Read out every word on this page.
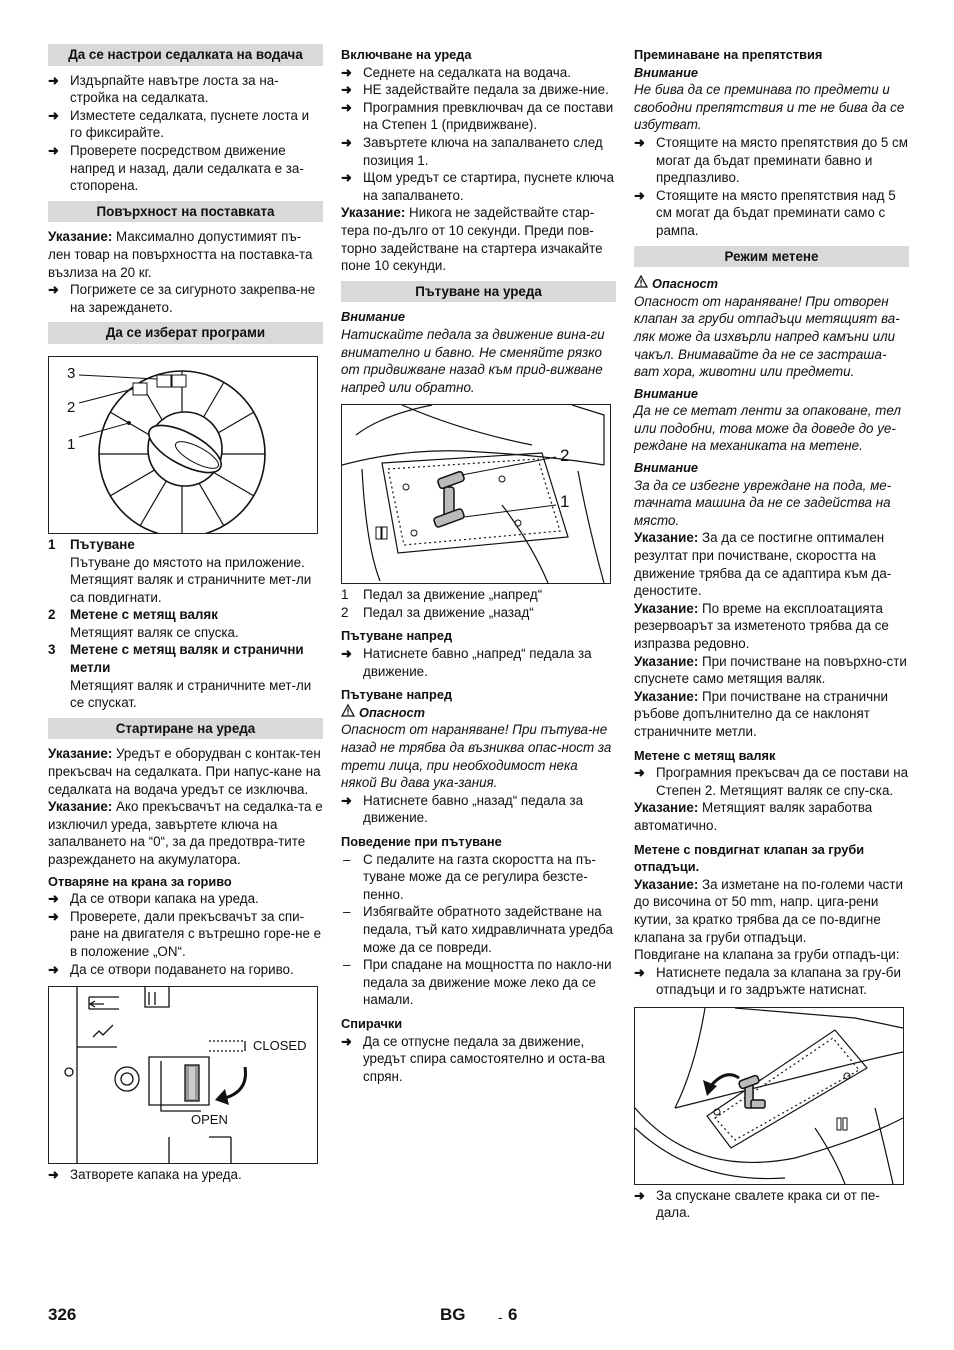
Да се настрои седалката на водача
➜ Издърпайте навътре лоста за на-стройка на седалката.
➜ Изместете седалката, пуснете лоста и го фиксирайте.
➜ Проверете посредством движение напред и назад, дали седалката е за-стопорена.
Повърхност на поставката
Указание: Максимално допустимият пъ-лен товар на повърхността на поставка-та възлиза на 20 кг.
➜ Погрижете се за сигурното закрепва-не на зареждането.
Да се изберат програми
3
2
1
1 Пътуване
Пътуване до мястото на приложение. Метящият валяк и страничните мет-ли са повдигнати.
2 Метене с метящ валяк
Метящият валяк се спуска.
3 Метене с метящ валяк и странични метли
Метящият валяк и страничните мет-ли се спускат.
Стартиране на уреда
Указание: Уредът е оборудван с контак-тен прекъсвач на седалката. При напус-кане на седалката на водача уредът се изключва.
Указание: Ако прекъсвачът на седалка-та е изключил уреда, завъртете ключа на запалването на “0“, за да предотвра-тите разреждането на акумулатора.
Отваряне на крана за гориво
➜ Да се отвори капака на уреда.
➜ Проверете, дали прекъсвачът за спи-ране на двигателя с вътрешно горе-не е в положение „ON“.
➜ Да се отвори подаването на гориво.
CLOSED
OPEN
➜ Затворете капака на уреда.
Включване на уреда
➜ Седнете на седалката на водача.
➜ НЕ задействайте педала за движе-ние.
➜ Програмния превключвач да се постави на Степен 1 (придвижване).
➜ Завъртете ключа на запалването след позиция 1.
➜ Щом уредът се стартира, пуснете ключа на запалването.
Указание: Никога не задействайте стар-тера по-дълго от 10 секунди. Преди пов-торно задействане на стартера изчакайте поне 10 секунди.
Пътуване на уреда
Внимание
Натискайте педала за движение вина-ги внимателно и бавно. Не сменяйте рязко от придвижване назад към прид-вижване напред или обратно.
2
1
1 Педал за движение „напред“
2 Педал за движение „назад“
Пътуване напред
➜ Натиснете бавно „напред“ педала за движение.
Пътуване напред
Опасност
Опасност от нараняване! При пътува-не назад не трябва да възниква опас-ност за трети лица, при необходимост нека някой Ви дава ука-зания.
➜ Натиснете бавно „назад“ педала за движение.
Поведение при пътуване
– С педалите на газта скоростта на пъ-туване може да се регулира безсте-пенно.
– Избягвайте обратното задействане на педала, тъй като хидравличната уредба може да се повреди.
– При спадане на мощността по накло-ни педала за движение може леко да се намали.
Спирачки
➜ Да се отпусне педала за движение, уредът спира самостоятелно и оста-ва спрян.
Преминаване на препятствия
Внимание
Не бива да се преминава по предмети и свободни препятствия и те не бива да се избутват.
➜ Стоящите на място препятствия до 5 см могат да бъдат преминати бавно и предпазливо.
➜ Стоящите на място препятствия над 5 см могат да бъдат преминати само с рампа.
Режим метене
Опасност
Опасност от нараняване! При отворен клапан за груби отпадъци метящият ва-ляк може да изхвърли напред камъни или чакъл. Внимавайте да не се застраша-ват хора, животни или предмети.
Внимание
Да не се метат ленти за опаковане, тел или подобни, това може да доведе до уе-реждане на механиката на метене.
Внимание
За да се избегне увреждане на пода, ме-тачната машина да не се задейства на място.
Указание: За да се постигне оптимален резултат при почистване, скоростта на движение трябва да се адаптира към да-деностите.
Указание: По време на експлоатацията резервоарът за изметеното трябва да се изпразва редовно.
Указание: При почистване на повърхно-сти спуснете само метящия валяк.
Указание: При почистване на странични ръбове допълнително да се наклонят страничните метли.
Метене с метящ валяк
➜ Програмния прекъсвач да се постави на Степен 2. Метящият валяк се спу-ска.
Указание: Метящият валяк заработва автоматично.
Метене с повдигнат клапан за груби отпадъци.
Указание: За изметане на по-големи части до височина от 50 mm, напр. цига-рени кутии, за кратко трябва да се по-вдигне клапана за груби отпадъци.
Повдигане на клапана за груби отпадъ-ци:
➜ Натиснете педала за клапана за гру-би отпадъци и го задръжте натиснат.
➜ За спускане свалете крака си от пе-дала.
326	BG - 6
